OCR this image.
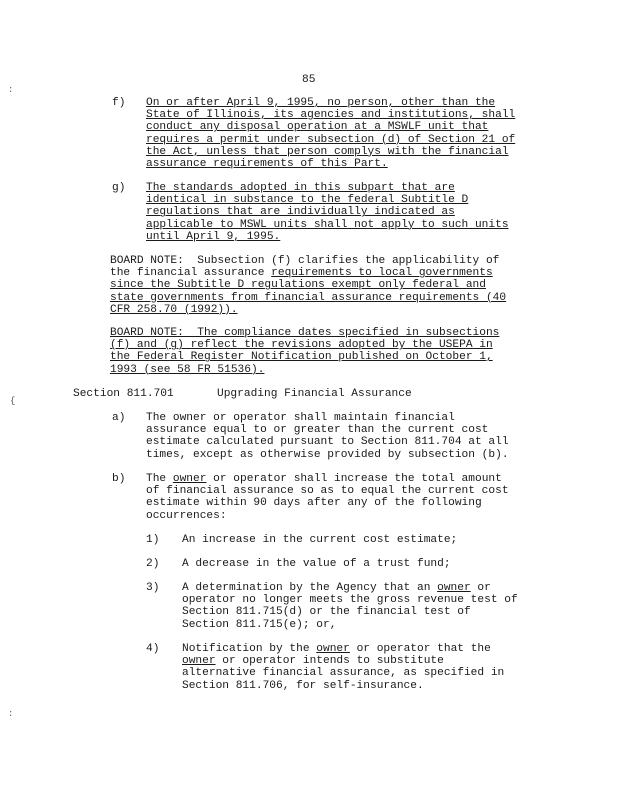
:
{
:
85
f) On or after April 9, 1995, no person, other than the
State of Illinois, its agencies and institutions, shall
conduct any disposal operation at a MSWLF unit that
requires a permit under subsection (d) of Section 21 of
the Act, unless that person complys with the financial
assurance requirements of this Part.
g) The standards adopted in this subpart that are
identical in substance to the federal Subtitle D
regulations that are individually indicated as
applicable to MSWL units shall not apply to such units
until April 9, 1995.
BOARD NOTE:  Subsection (f) clarifies the applicability of
the financial assurance requirements to local governments
since the Subtitle D regulations exempt only federal and
state governments from financial assurance requirements (40
CFR 258.70 (1992)).
BOARD NOTE:  The compliance dates specified in subsections
(f) and (g) reflect the revisions adopted by the USEPA in
the Federal Register Notification published on October 1,
1993 (see 58 FR 51536).
Section 811.701	Upgrading Financial Assurance
a) The owner or operator shall maintain financial
assurance equal to or greater than the current cost
estimate calculated pursuant to Section 811.704 at all
times, except as otherwise provided by subsection (b).
b) The owner or operator shall increase the total amount
of financial assurance so as to equal the current cost
estimate within 90 days after any of the following
occurrences:
1) An increase in the current cost estimate;
2) A decrease in the value of a trust fund;
3) A determination by the Agency that an owner or
operator no longer meets the gross revenue test of
Section 811.715(d) or the financial test of
Section 811.715(e); or,
4) Notification by the owner or operator that the
owner or operator intends to substitute
alternative financial assurance, as specified in
Section 811.706, for self-insurance.
